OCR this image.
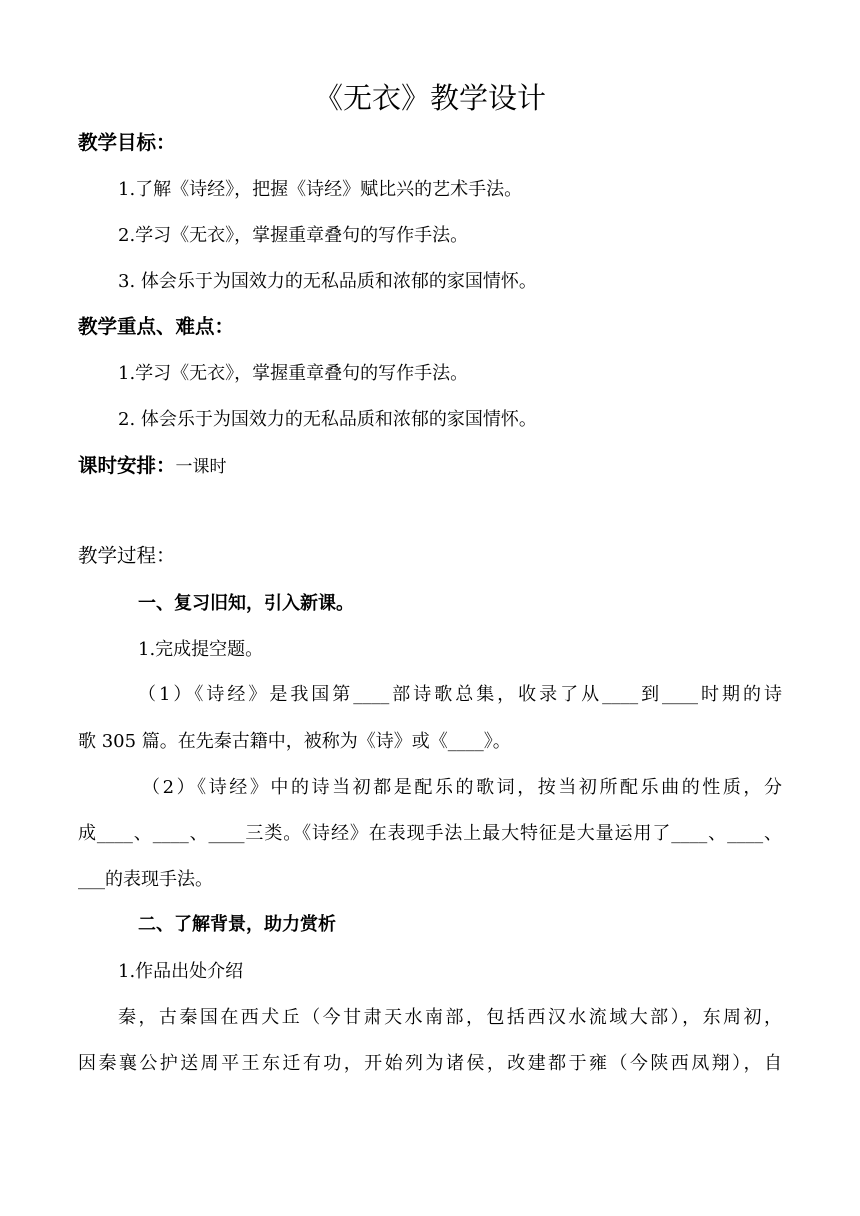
《无衣》教学设计
教学目标：
1.了解《诗经》，把握《诗经》赋比兴的艺术手法。
2.学习《无衣》，掌握重章叠句的写作手法。
3. 体会乐于为国效力的无私品质和浓郁的家国情怀。
教学重点、难点：
1.学习《无衣》，掌握重章叠句的写作手法。
2. 体会乐于为国效力的无私品质和浓郁的家国情怀。
课时安排：一课时
教学过程：
一、复习旧知，引入新课。
1.完成提空题。
（1）《诗经》是我国第____部诗歌总集，收录了从____到____时期的诗
歌 305 篇。在先秦古籍中，被称为《诗》或《____》。
（2）《诗经》中的诗当初都是配乐的歌词，按当初所配乐曲的性质，分
成____、____、____三类。《诗经》在表现手法上最大特征是大量运用了____、____、
___的表现手法。
二、了解背景，助力赏析
1.作品出处介绍
秦，古秦国在西犬丘（今甘肃天水南部，包括西汉水流域大部），东周初，
因秦襄公护送周平王东迁有功，开始列为诸侯，改建都于雍（今陕西凤翔），自
